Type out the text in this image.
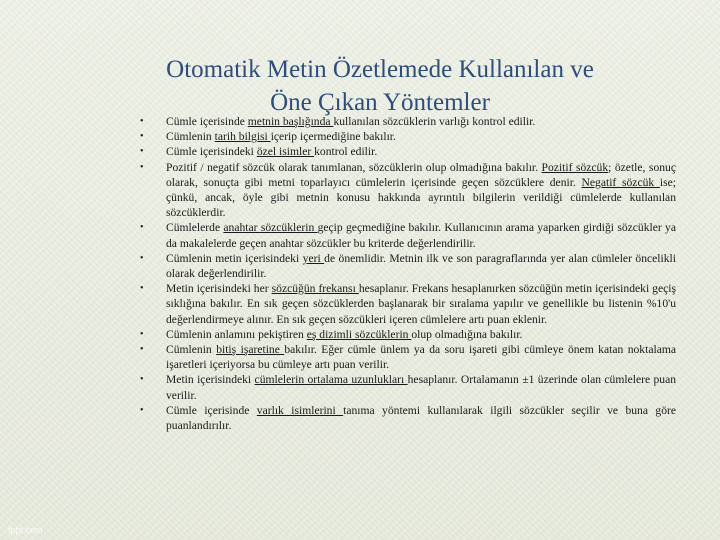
Otomatik Metin Özetlemede Kullanılan ve
Öne Çıkan Yöntemler
• Cümle içerisinde metnin başlığında kullanılan sözcüklerin varlığı kontrol edilir.
• Cümlenin tarih bilgisi içerip içermediğine bakılır.
• Cümle içerisindeki özel isimler kontrol edilir.
• Pozitif / negatif sözcük olarak tanımlanan, sözcüklerin olup olmadığına bakılır. Pozitif sözcük; özetle, sonuç olarak, sonuçta gibi metni toparlayıcı cümlelerin içerisinde geçen sözcüklere denir. Negatif sözcük ise; çünkü, ancak, öyle gibi metnin konusu hakkında ayrıntılı bilgilerin verildiği cümlelerde kullanılan sözcüklerdir.
• Cümlelerde anahtar sözcüklerin geçip geçmediğine bakılır. Kullanıcının arama yaparken girdiği sözcükler ya da makalelerde geçen anahtar sözcükler bu kriterde değerlendirilir.
• Cümlenin metin içerisindeki yeri de önemlidir. Metnin ilk ve son paragraflarında yer alan cümleler öncelikli olarak değerlendirilir.
• Metin içerisindeki her sözcüğün frekansı hesaplanır. Frekans hesaplanırken sözcüğün metin içerisindeki geçiş sıklığına bakılır. En sık geçen sözcüklerden başlanarak bir sıralama yapılır ve genellikle bu listenin %10'u değerlendirmeye alınır. En sık geçen sözcükleri içeren cümlelere artı puan eklenir.
• Cümlenin anlamını pekiştiren eş dizimli sözcüklerin olup olmadığına bakılır.
• Cümlenin bitiş işaretine bakılır. Eğer cümle ünlem ya da soru işareti gibi cümleye önem katan noktalama işaretleri içeriyorsa bu cümleye artı puan verilir.
• Metin içerisindeki cümlelerin ortalama uzunlukları hesaplanır. Ortalamanın ±1 üzerinde olan cümlelere puan verilir.
• Cümle içerisinde varlık isimlerini tanıma yöntemi kullanılarak ilgili sözcükler seçilir ve buna göre puanlandırılır.
fppt.com
